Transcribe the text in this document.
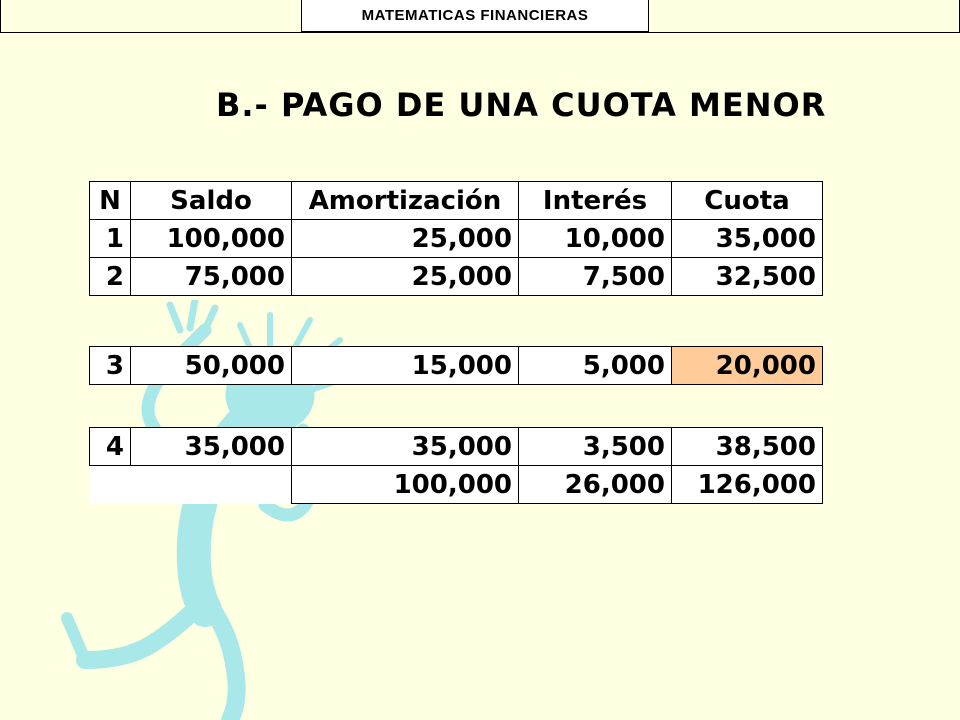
MATEMATICAS FINANCIERAS
B.- PAGO DE UNA CUOTA MENOR
N	Saldo	Amortización	Interés	Cuota
1	100,000	25,000	10,000	35,000
2	75,000	25,000	7,500	32,500
3	50,000	15,000	5,000	20,000
4	35,000	35,000	3,500	38,500
		100,000	26,000	126,000
